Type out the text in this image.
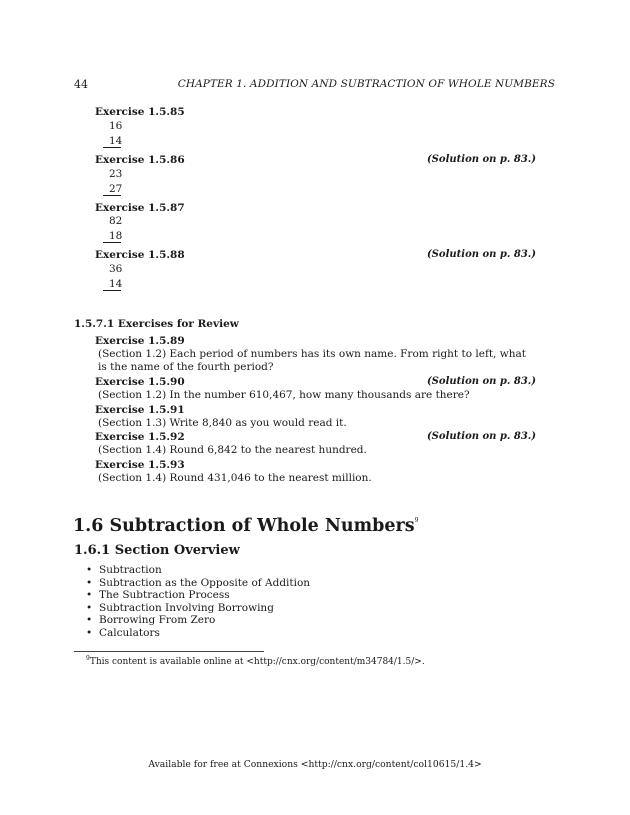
44	CHAPTER 1. ADDITION AND SUBTRACTION OF WHOLE NUMBERS
Exercise 1.5.85
16
14
Exercise 1.5.86	(Solution on p. 83.)
23
27
Exercise 1.5.87
82
18
Exercise 1.5.88	(Solution on p. 83.)
36
14
1.5.7.1 Exercises for Review
Exercise 1.5.89
(Section 1.2) Each period of numbers has its own name. From right to left, what is the name of the fourth period?
Exercise 1.5.90	(Solution on p. 83.)
(Section 1.2) In the number 610,467, how many thousands are there?
Exercise 1.5.91
(Section 1.3) Write 8,840 as you would read it.
Exercise 1.5.92	(Solution on p. 83.)
(Section 1.4) Round 6,842 to the nearest hundred.
Exercise 1.5.93
(Section 1.4) Round 431,046 to the nearest million.
1.6 Subtraction of Whole Numbers$^9$
1.6.1 Section Overview
• Subtraction
• Subtraction as the Opposite of Addition
• The Subtraction Process
• Subtraction Involving Borrowing
• Borrowing From Zero
• Calculators
$^9$This content is available online at <http://cnx.org/content/m34784/1.5/>.
Available for free at Connexions <http://cnx.org/content/col10615/1.4>
